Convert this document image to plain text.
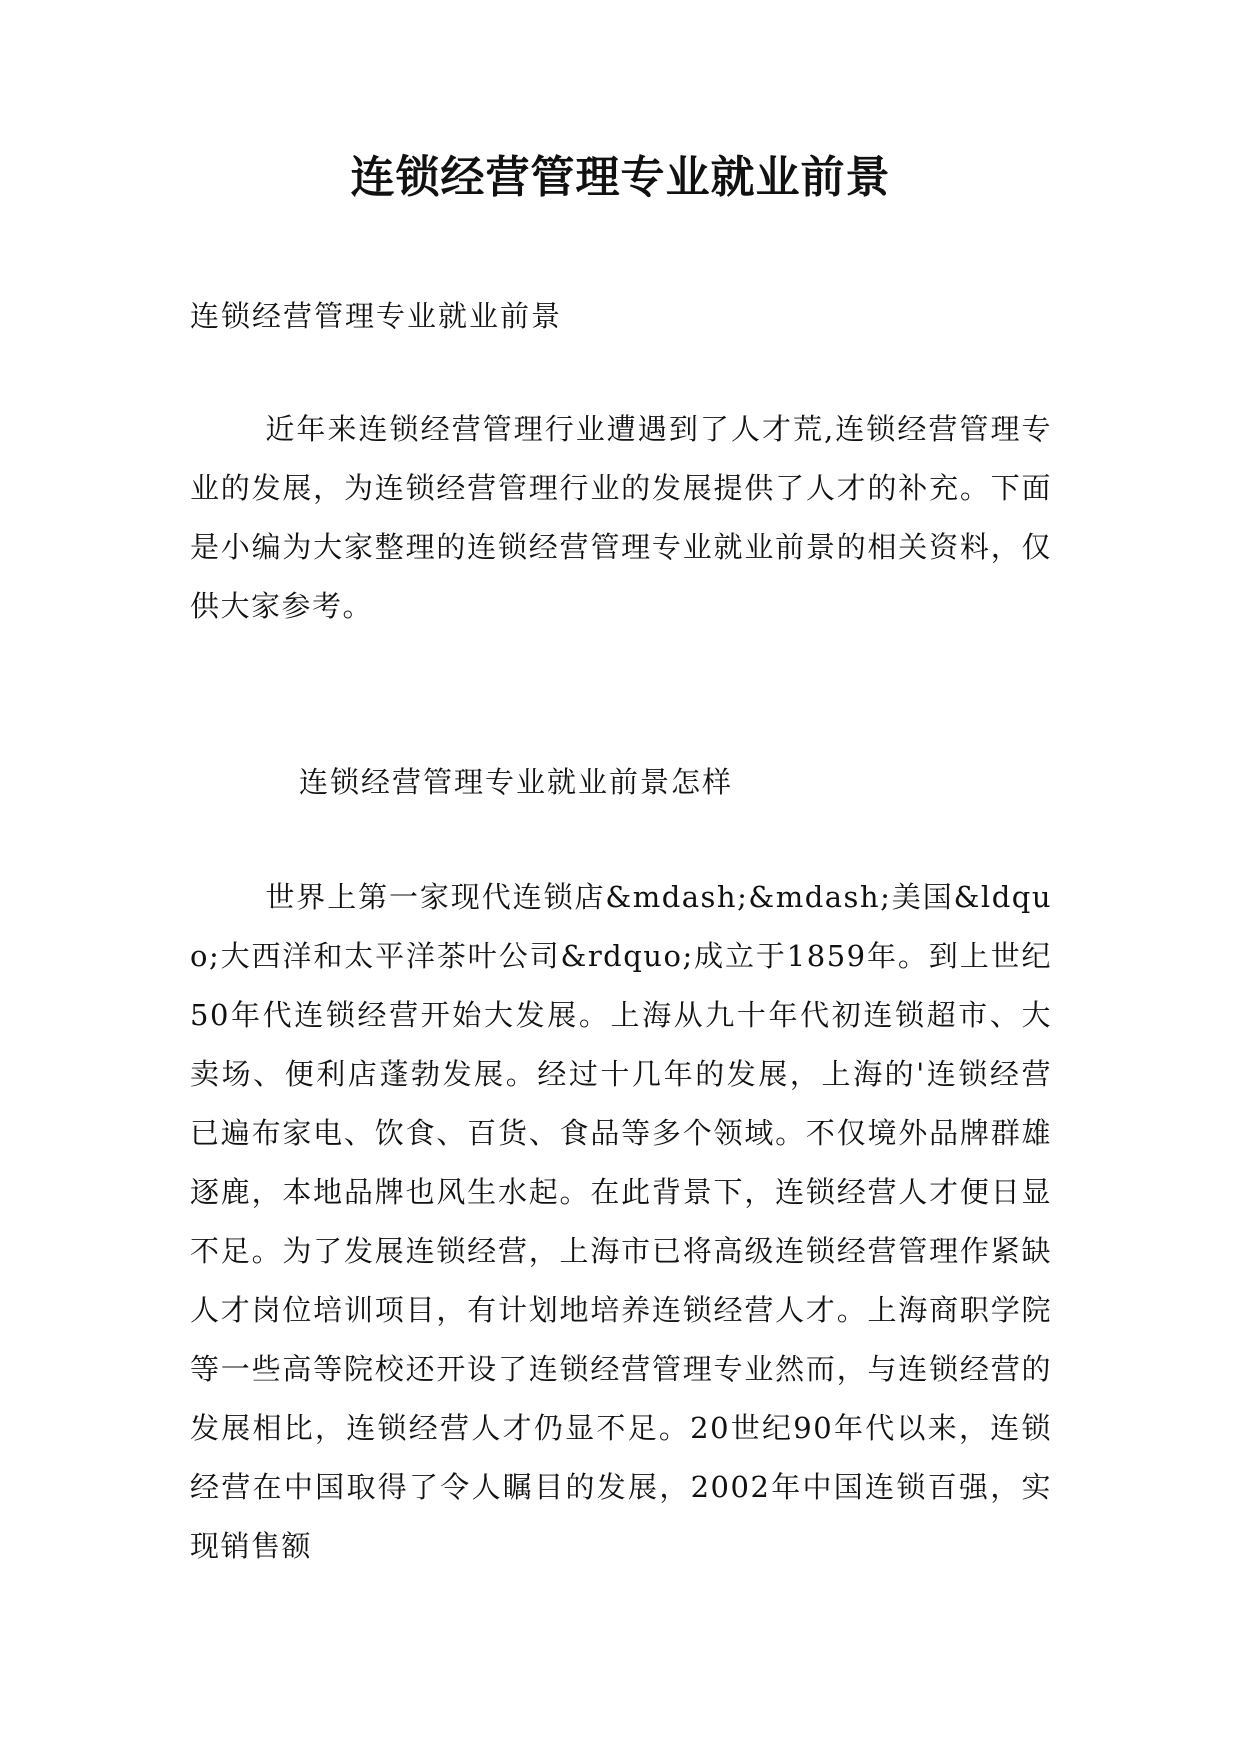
连锁经营管理专业就业前景

连锁经营管理专业就业前景

近年来连锁经营管理行业遭遇到了人才荒,连锁经营管理专业的发展，为连锁经营管理行业的发展提供了人才的补充。下面是小编为大家整理的连锁经营管理专业就业前景的相关资料，仅供大家参考。

连锁经营管理专业就业前景怎样

世界上第一家现代连锁店&mdash;&mdash;美国&ldquo;大西洋和太平洋茶叶公司&rdquo;成立于1859年。到上世纪50年代连锁经营开始大发展。上海从九十年代初连锁超市、大卖场、便利店蓬勃发展。经过十几年的发展，上海的'连锁经营已遍布家电、饮食、百货、食品等多个领域。不仅境外品牌群雄逐鹿，本地品牌也风生水起。在此背景下，连锁经营人才便日显不足。为了发展连锁经营，上海市已将高级连锁经营管理作紧缺人才岗位培训项目，有计划地培养连锁经营人才。上海商职学院等一些高等院校还开设了连锁经营管理专业然而，与连锁经营的发展相比，连锁经营人才仍显不足。20世纪90年代以来，连锁经营在中国取得了令人瞩目的发展，2002年中国连锁百强，实现销售额
